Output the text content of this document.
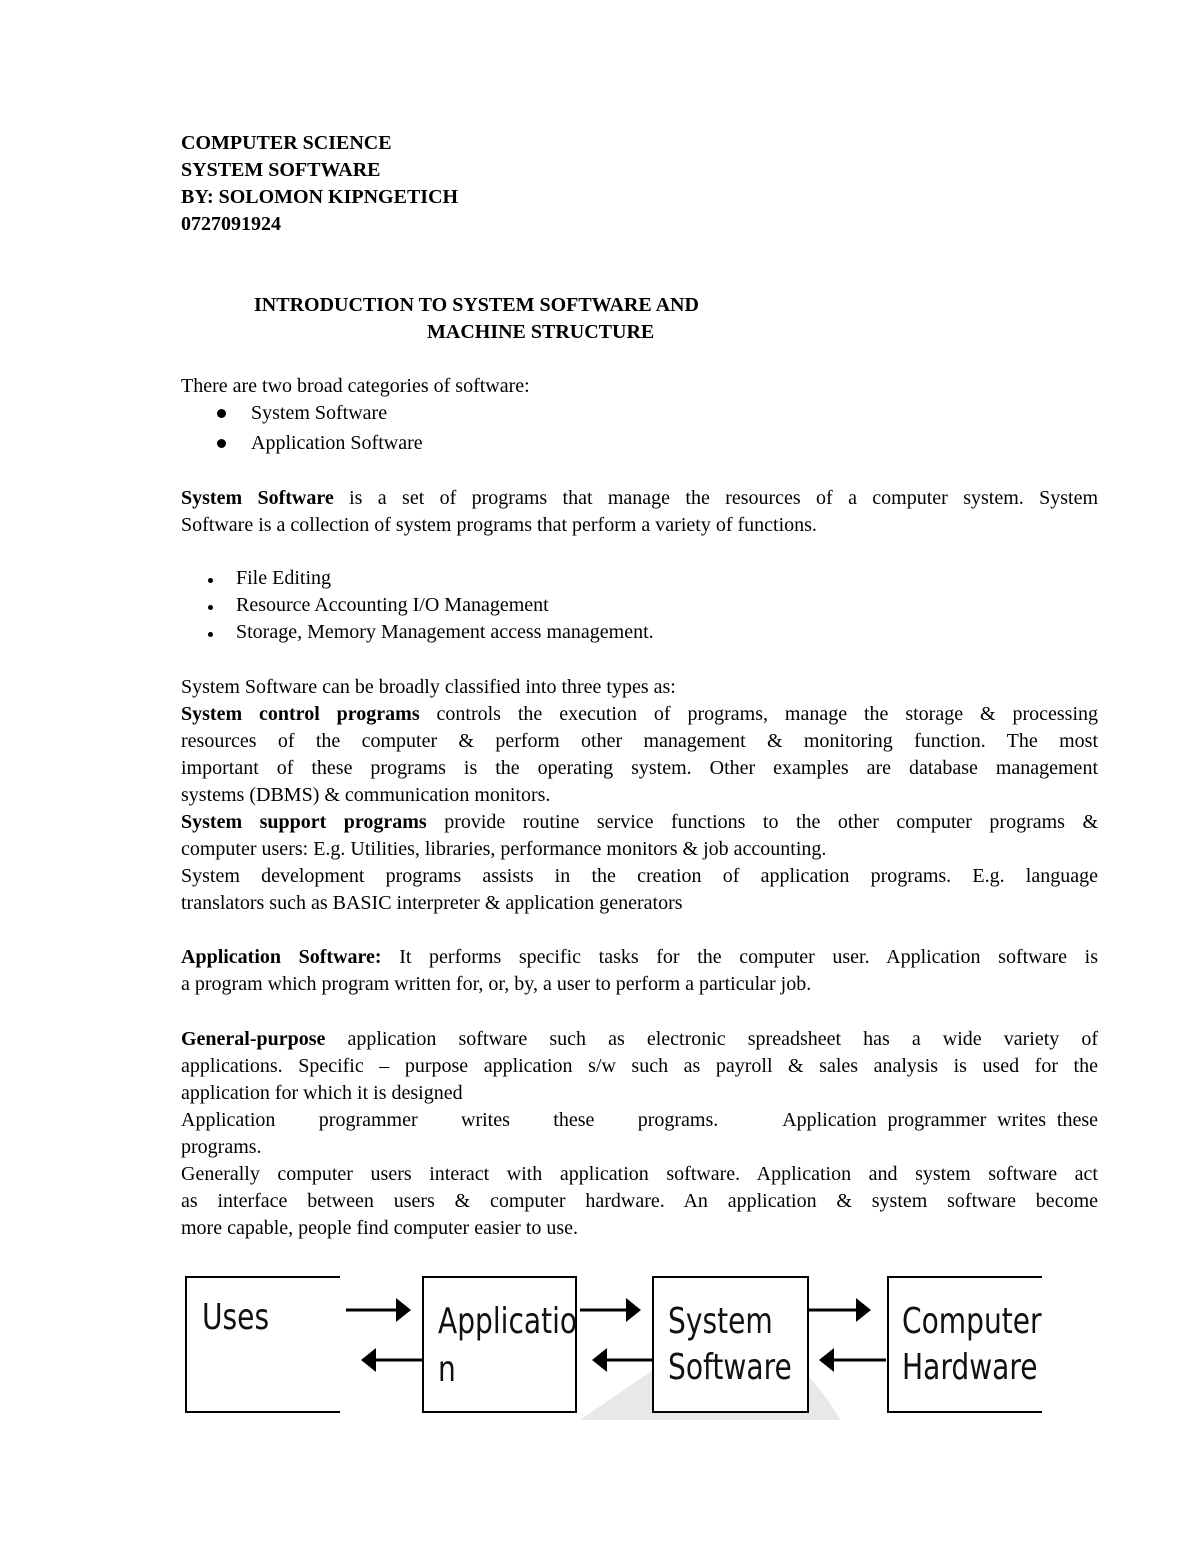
COMPUTER SCIENCE
SYSTEM SOFTWARE
BY: SOLOMON KIPNGETICH
0727091924
INTRODUCTION TO SYSTEM SOFTWARE AND
MACHINE STRUCTURE
There are two broad categories of software:
System Software
Application Software
System Software is a set of programs that manage the resources of a computer system. System
Software is a collection of system programs that perform a variety of functions.
File Editing
Resource Accounting I/O Management
Storage, Memory Management access management.
System Software can be broadly classified into three types as:
System control programs controls the execution of programs, manage the storage & processing
resources of the computer & perform other management & monitoring function. The most
important of these programs is the operating system. Other examples are database management
systems (DBMS) & communication monitors.
System support programs provide routine service functions to the other computer programs &
computer users: E.g. Utilities, libraries, performance monitors & job accounting.
System development programs assists in the creation of application programs. E.g. language
translators such as BASIC interpreter & application generators
Application Software: It performs specific tasks for the computer user. Application software is
a program which program written for, or, by, a user to perform a particular job.
General-purpose application software such as electronic spreadsheet has a wide variety of
applications. Specific – purpose application s/w such as payroll & sales analysis is used for the
application for which it is designed
Application    programmer    writes    these    programs.      Application programmer writes these
programs.
Generally computer users interact with application software. Application and system software act
as interface between users & computer hardware. An application & system software become
more capable, people find computer easier to use.
Uses	Applicatio
n
System
Software
Computer
Hardware
